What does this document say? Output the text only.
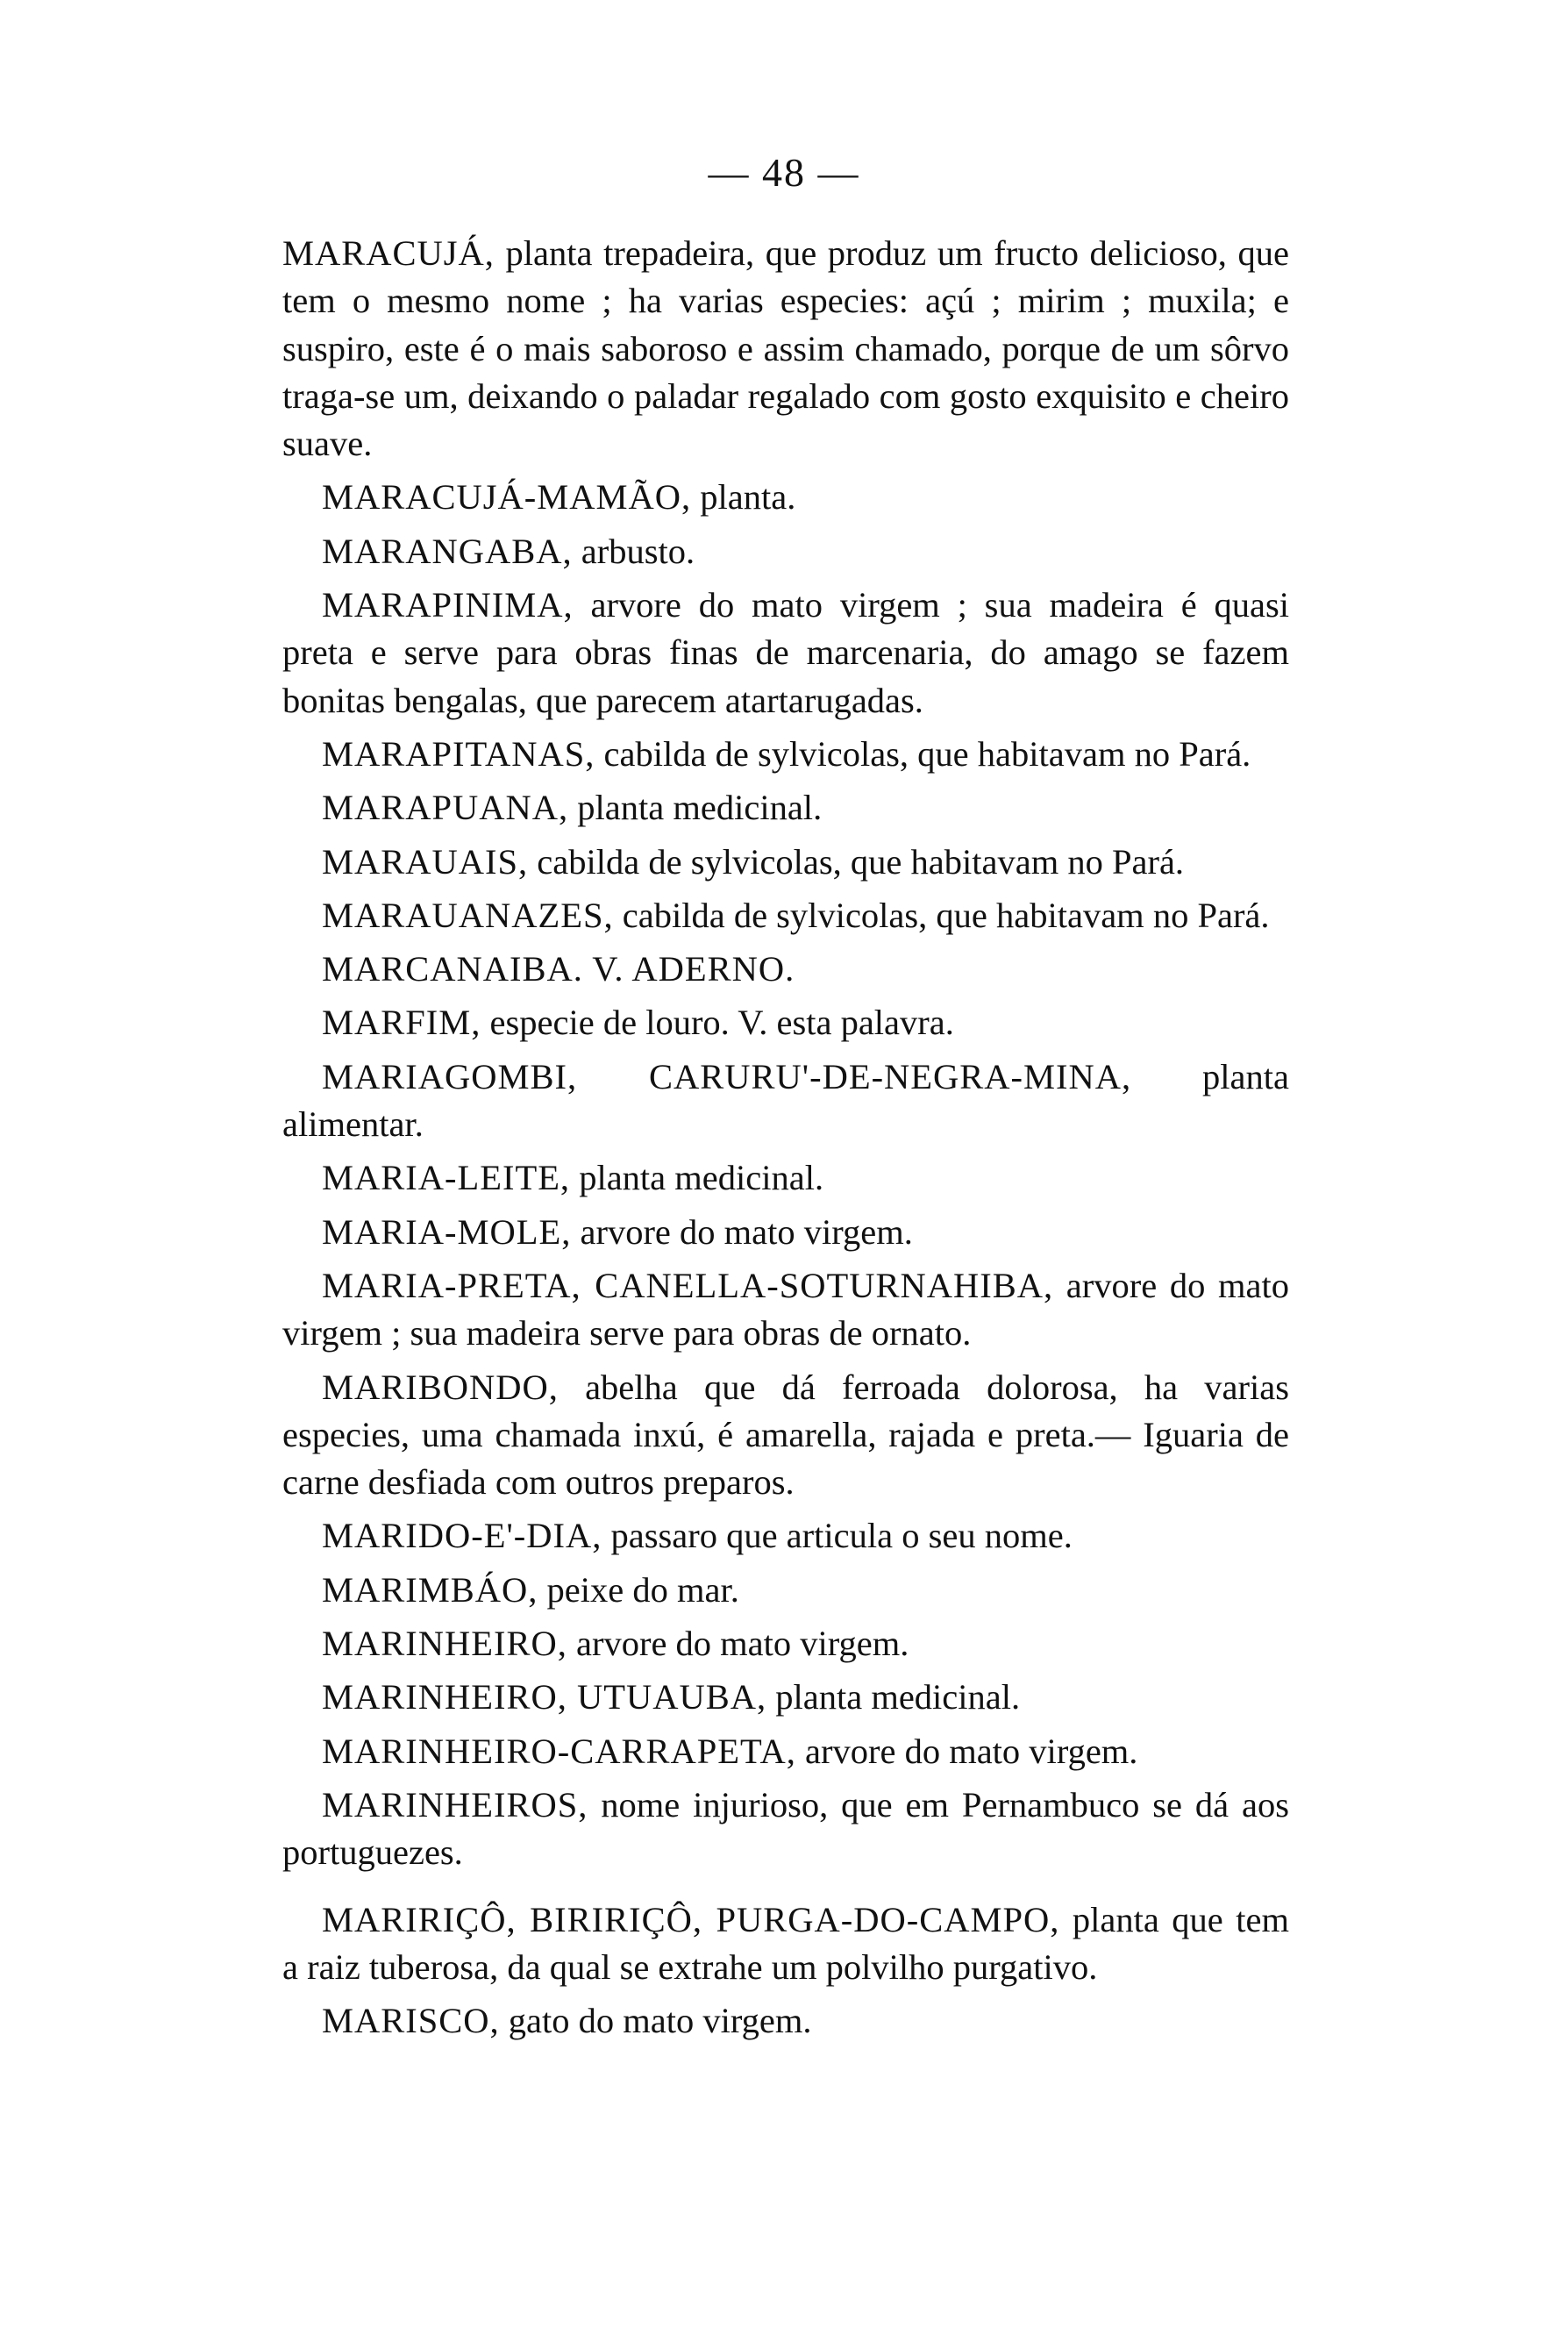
— 48 —

MARACUJÁ, planta trepadeira, que produz um fructo delicioso, que tem o mesmo nome ; ha varias especies: açú ; mirim ; muxila; e suspiro, este é o mais saboroso e assim chamado, porque de um sôrvo traga-se um, deixando o paladar regalado com gosto exquisito e cheiro suave.

MARACUJÁ-MAMÃO, planta.

MARANGABA, arbusto.

MARAPINIMA, arvore do mato virgem ; sua madeira é quasi preta e serve para obras finas de marcenaria, do amago se fazem bonitas bengalas, que parecem atartarugadas.

MARAPITANAS, cabilda de sylvicolas, que habitavam no Pará.

MARAPUANA, planta medicinal.

MARAUAIS, cabilda de sylvicolas, que habitavam no Pará.

MARAUANAZES, cabilda de sylvicolas, que habitavam no Pará.

MARCANAIBA. V. ADERNO.

MARFIM, especie de louro. V. esta palavra.

MARIAGOMBI, CARURU'-DE-NEGRA-MINA, planta alimentar.

MARIA-LEITE, planta medicinal.

MARIA-MOLE, arvore do mato virgem.

MARIA-PRETA, CANELLA-SOTURNAHIBA, arvore do mato virgem ; sua madeira serve para obras de ornato.

MARIBONDO, abelha que dá ferroada dolorosa, ha varias especies, uma chamada inxú, é amarella, rajada e preta.— Iguaria de carne desfiada com outros preparos.

MARIDO-E'-DIA, passaro que articula o seu nome.

MARIMBÁO, peixe do mar.

MARINHEIRO, arvore do mato virgem.

MARINHEIRO, UTUAUBA, planta medicinal.

MARINHEIRO-CARRAPETA, arvore do mato virgem.

MARINHEIROS, nome injurioso, que em Pernambuco se dá aos portuguezes.

MARIRIÇÔ, BIRIRIÇÔ, PURGA-DO-CAMPO, planta que tem a raiz tuberosa, da qual se extrahe um polvilho purgativo.

MARISCO, gato do mato virgem.
